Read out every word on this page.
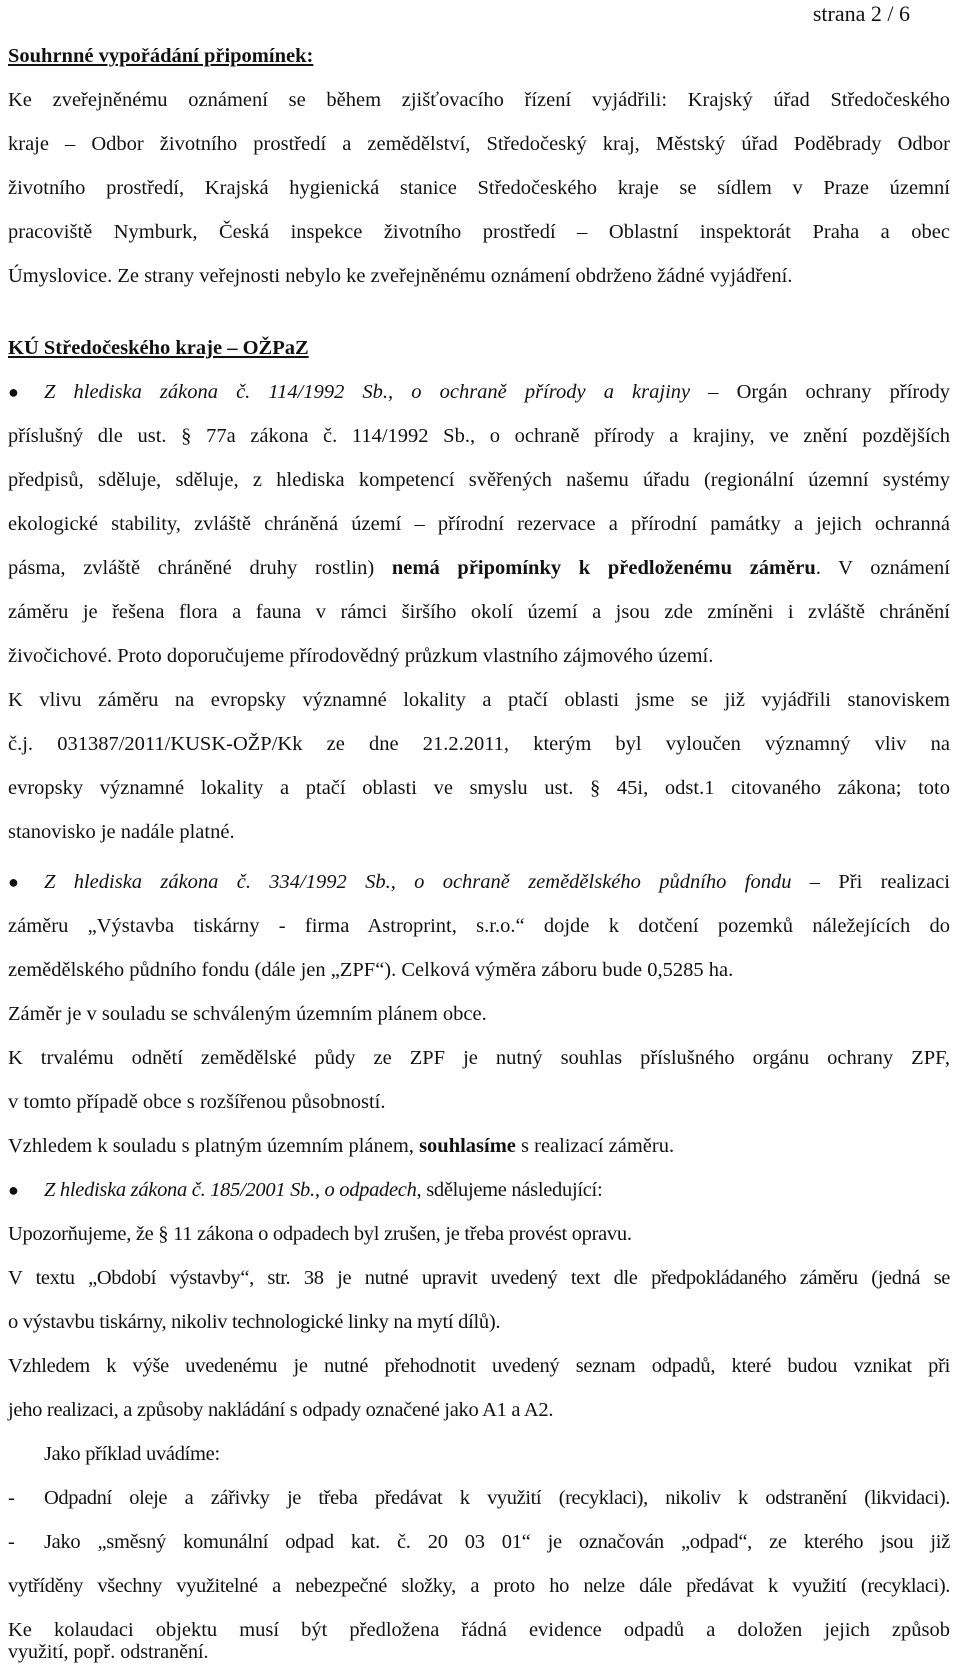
strana 2 / 6

Souhrnné vypořádání připomínek:

Ke zveřejněnému oznámení se během zjišťovacího řízení vyjádřili: Krajský úřad Středočeského

kraje – Odbor životního prostředí a zemědělství, Středočeský kraj, Městský úřad Poděbrady Odbor

životního prostředí, Krajská hygienická stanice Středočeského kraje se sídlem v Praze územní

pracoviště Nymburk, Česká inspekce životního prostředí – Oblastní inspektorát Praha a obec

Úmyslovice. Ze strany veřejnosti nebylo ke zveřejněnému oznámení obdrženo žádné vyjádření.

KÚ Středočeského kraje – OŽPaZ

● Z hlediska zákona č. 114/1992 Sb., o ochraně přírody a krajiny – Orgán ochrany přírody

příslušný dle ust. § 77a zákona č. 114/1992 Sb., o ochraně přírody a krajiny, ve znění pozdějších

předpisů, sděluje, sděluje, z hlediska kompetencí svěřených našemu úřadu (regionální územní systémy

ekologické stability, zvláště chráněná území – přírodní rezervace a přírodní památky a jejich ochranná

pásma, zvláště chráněné druhy rostlin) nemá připomínky k předloženému záměru. V oznámení

záměru je řešena flora a fauna v rámci širšího okolí území a jsou zde zmíněni i zvláště chránění

živočichové. Proto doporučujeme přírodovědný průzkum vlastního zájmového území.

K vlivu záměru na evropsky významné lokality a ptačí oblasti jsme se již vyjádřili stanoviskem

č.j. 031387/2011/KUSK-OŽP/Kk ze dne 21.2.2011, kterým byl vyloučen významný vliv na

evropsky významné lokality a ptačí oblasti ve smyslu ust. § 45i, odst.1 citovaného zákona; toto

stanovisko je nadále platné.

● Z hlediska zákona č. 334/1992 Sb., o ochraně zemědělského půdního fondu – Při realizaci

záměru „Výstavba tiskárny - firma Astroprint, s.r.o.“ dojde k dotčení pozemků náležejících do

zemědělského půdního fondu (dále jen „ZPF“). Celková výměra záboru bude 0,5285 ha.

Záměr je v souladu se schváleným územním plánem obce.

K trvalému odnětí zemědělské půdy ze ZPF je nutný souhlas příslušného orgánu ochrany ZPF,

v tomto případě obce s rozšířenou působností.

Vzhledem k souladu s platným územním plánem, souhlasíme s realizací záměru.

● Z hlediska zákona č. 185/2001 Sb., o odpadech, sdělujeme následující:

Upozorňujeme, že § 11 zákona o odpadech byl zrušen, je třeba provést opravu.

V textu „Období výstavby“, str. 38 je nutné upravit uvedený text dle předpokládaného záměru (jedná se

o výstavbu tiskárny, nikoliv technologické linky na mytí dílů).

Vzhledem k výše uvedenému je nutné přehodnotit uvedený seznam odpadů, které budou vznikat při

jeho realizaci, a způsoby nakládání s odpady označené jako A1 a A2.

Jako příklad uvádíme:

- Odpadní oleje a zářivky je třeba předávat k využití (recyklaci), nikoliv k odstranění (likvidaci).

- Jako „směsný komunální odpad kat. č. 20 03 01“ je označován „odpad“, ze kterého jsou již

vytříděny všechny využitelné a nebezpečné složky, a proto ho nelze dále předávat k využití (recyklaci).

Ke kolaudaci objektu musí být předložena řádná evidence odpadů a doložen jejich způsob

využití, popř. odstranění.
